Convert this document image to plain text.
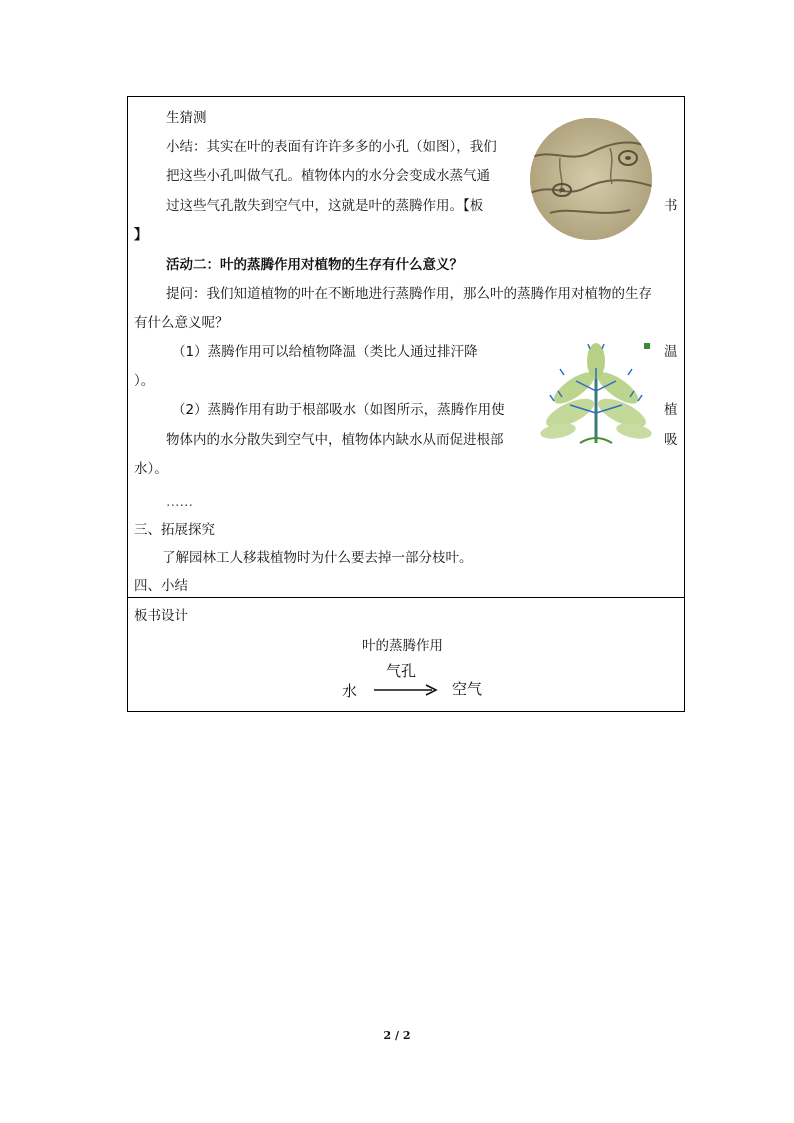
生猜测
小结：其实在叶的表面有许许多多的小孔（如图），我们
把这些小孔叫做气孔。植物体内的水分会变成水蒸气通
过这些气孔散失到空气中，这就是叶的蒸腾作用。【板	书
】
活动二：叶的蒸腾作用对植物的生存有什么意义？
提问：我们知道植物的叶在不断地进行蒸腾作用，那么叶的蒸腾作用对植物的生存
有什么意义呢？
（1）蒸腾作用可以给植物降温（类比人通过排汗降	温
）。
（2）蒸腾作用有助于根部吸水（如图所示，蒸腾作用使	植
物体内的水分散失到空气中，植物体内缺水从而促进根部	吸
水）。
……
三、拓展探究
了解园林工人移栽植物时为什么要去掉一部分枝叶。
四、小结
板书设计
叶的蒸腾作用
气孔
水	空气
2 / 2
